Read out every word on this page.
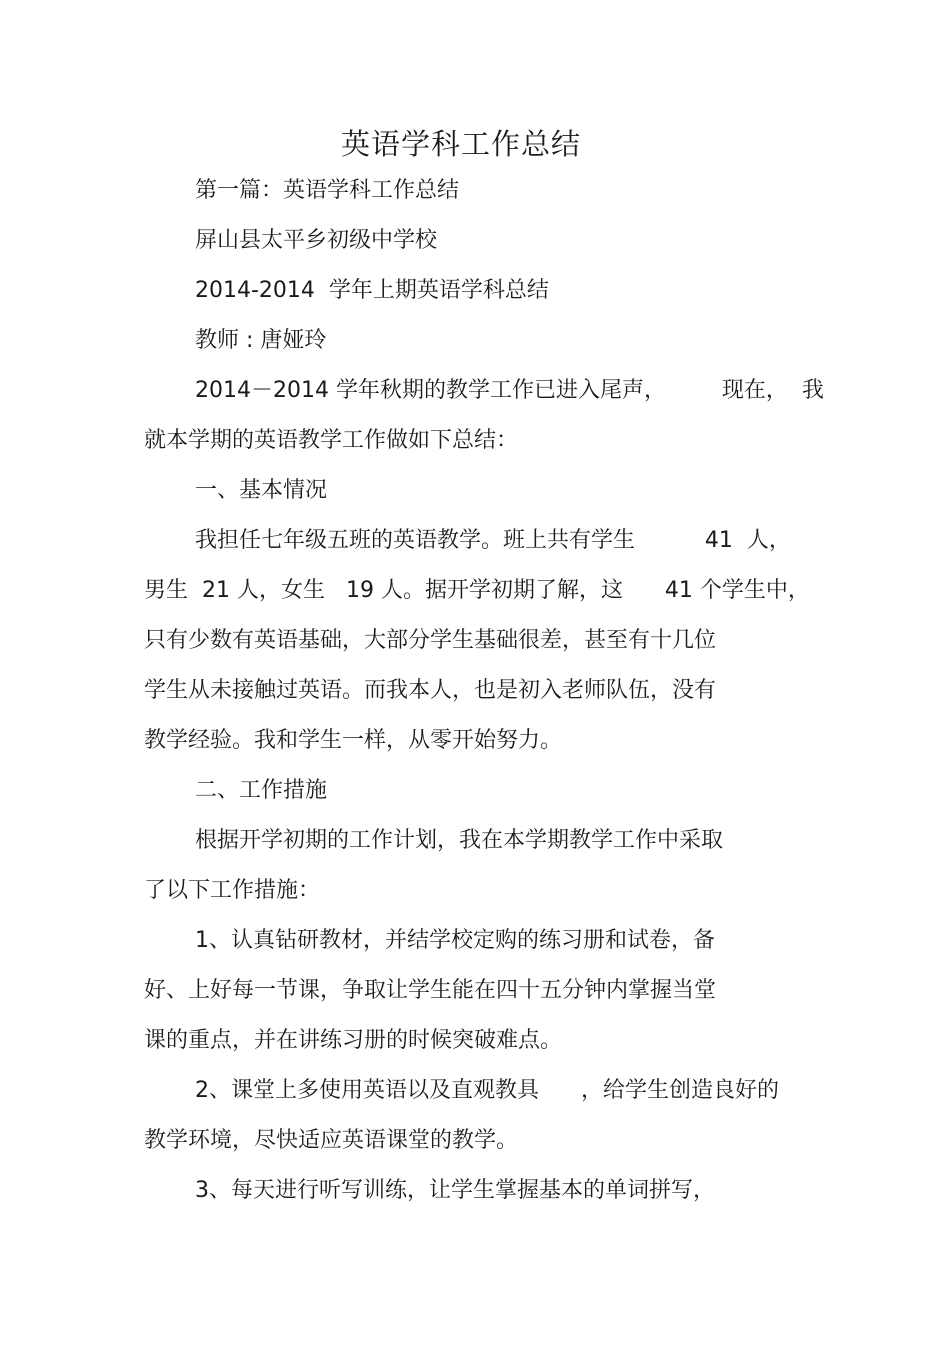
英语学科工作总结

第一篇：英语学科工作总结

屏山县太平乡初级中学校

2014-2014  学年上期英语学科总结

教师 : 唐娅玲

2014－2014 学年秋期的教学工作已进入尾声，        现在，  我

就本学期的英语教学工作做如下总结：

一、基本情况

我担任七年级五班的英语教学。班上共有学生          41  人，

男生  21 人，女生   19 人。据开学初期了解，这      41 个学生中，

只有少数有英语基础，大部分学生基础很差，甚至有十几位

学生从未接触过英语。而我本人，也是初入老师队伍，没有

教学经验。我和学生一样，从零开始努力。

二、工作措施

根据开学初期的工作计划，我在本学期教学工作中采取

了以下工作措施：

1、认真钻研教材，并结学校定购的练习册和试卷，备

好、上好每一节课，争取让学生能在四十五分钟内掌握当堂

课的重点，并在讲练习册的时候突破难点。

2、课堂上多使用英语以及直观教具      ，给学生创造良好的

教学环境，尽快适应英语课堂的教学。

3、每天进行听写训练，让学生掌握基本的单词拼写，
